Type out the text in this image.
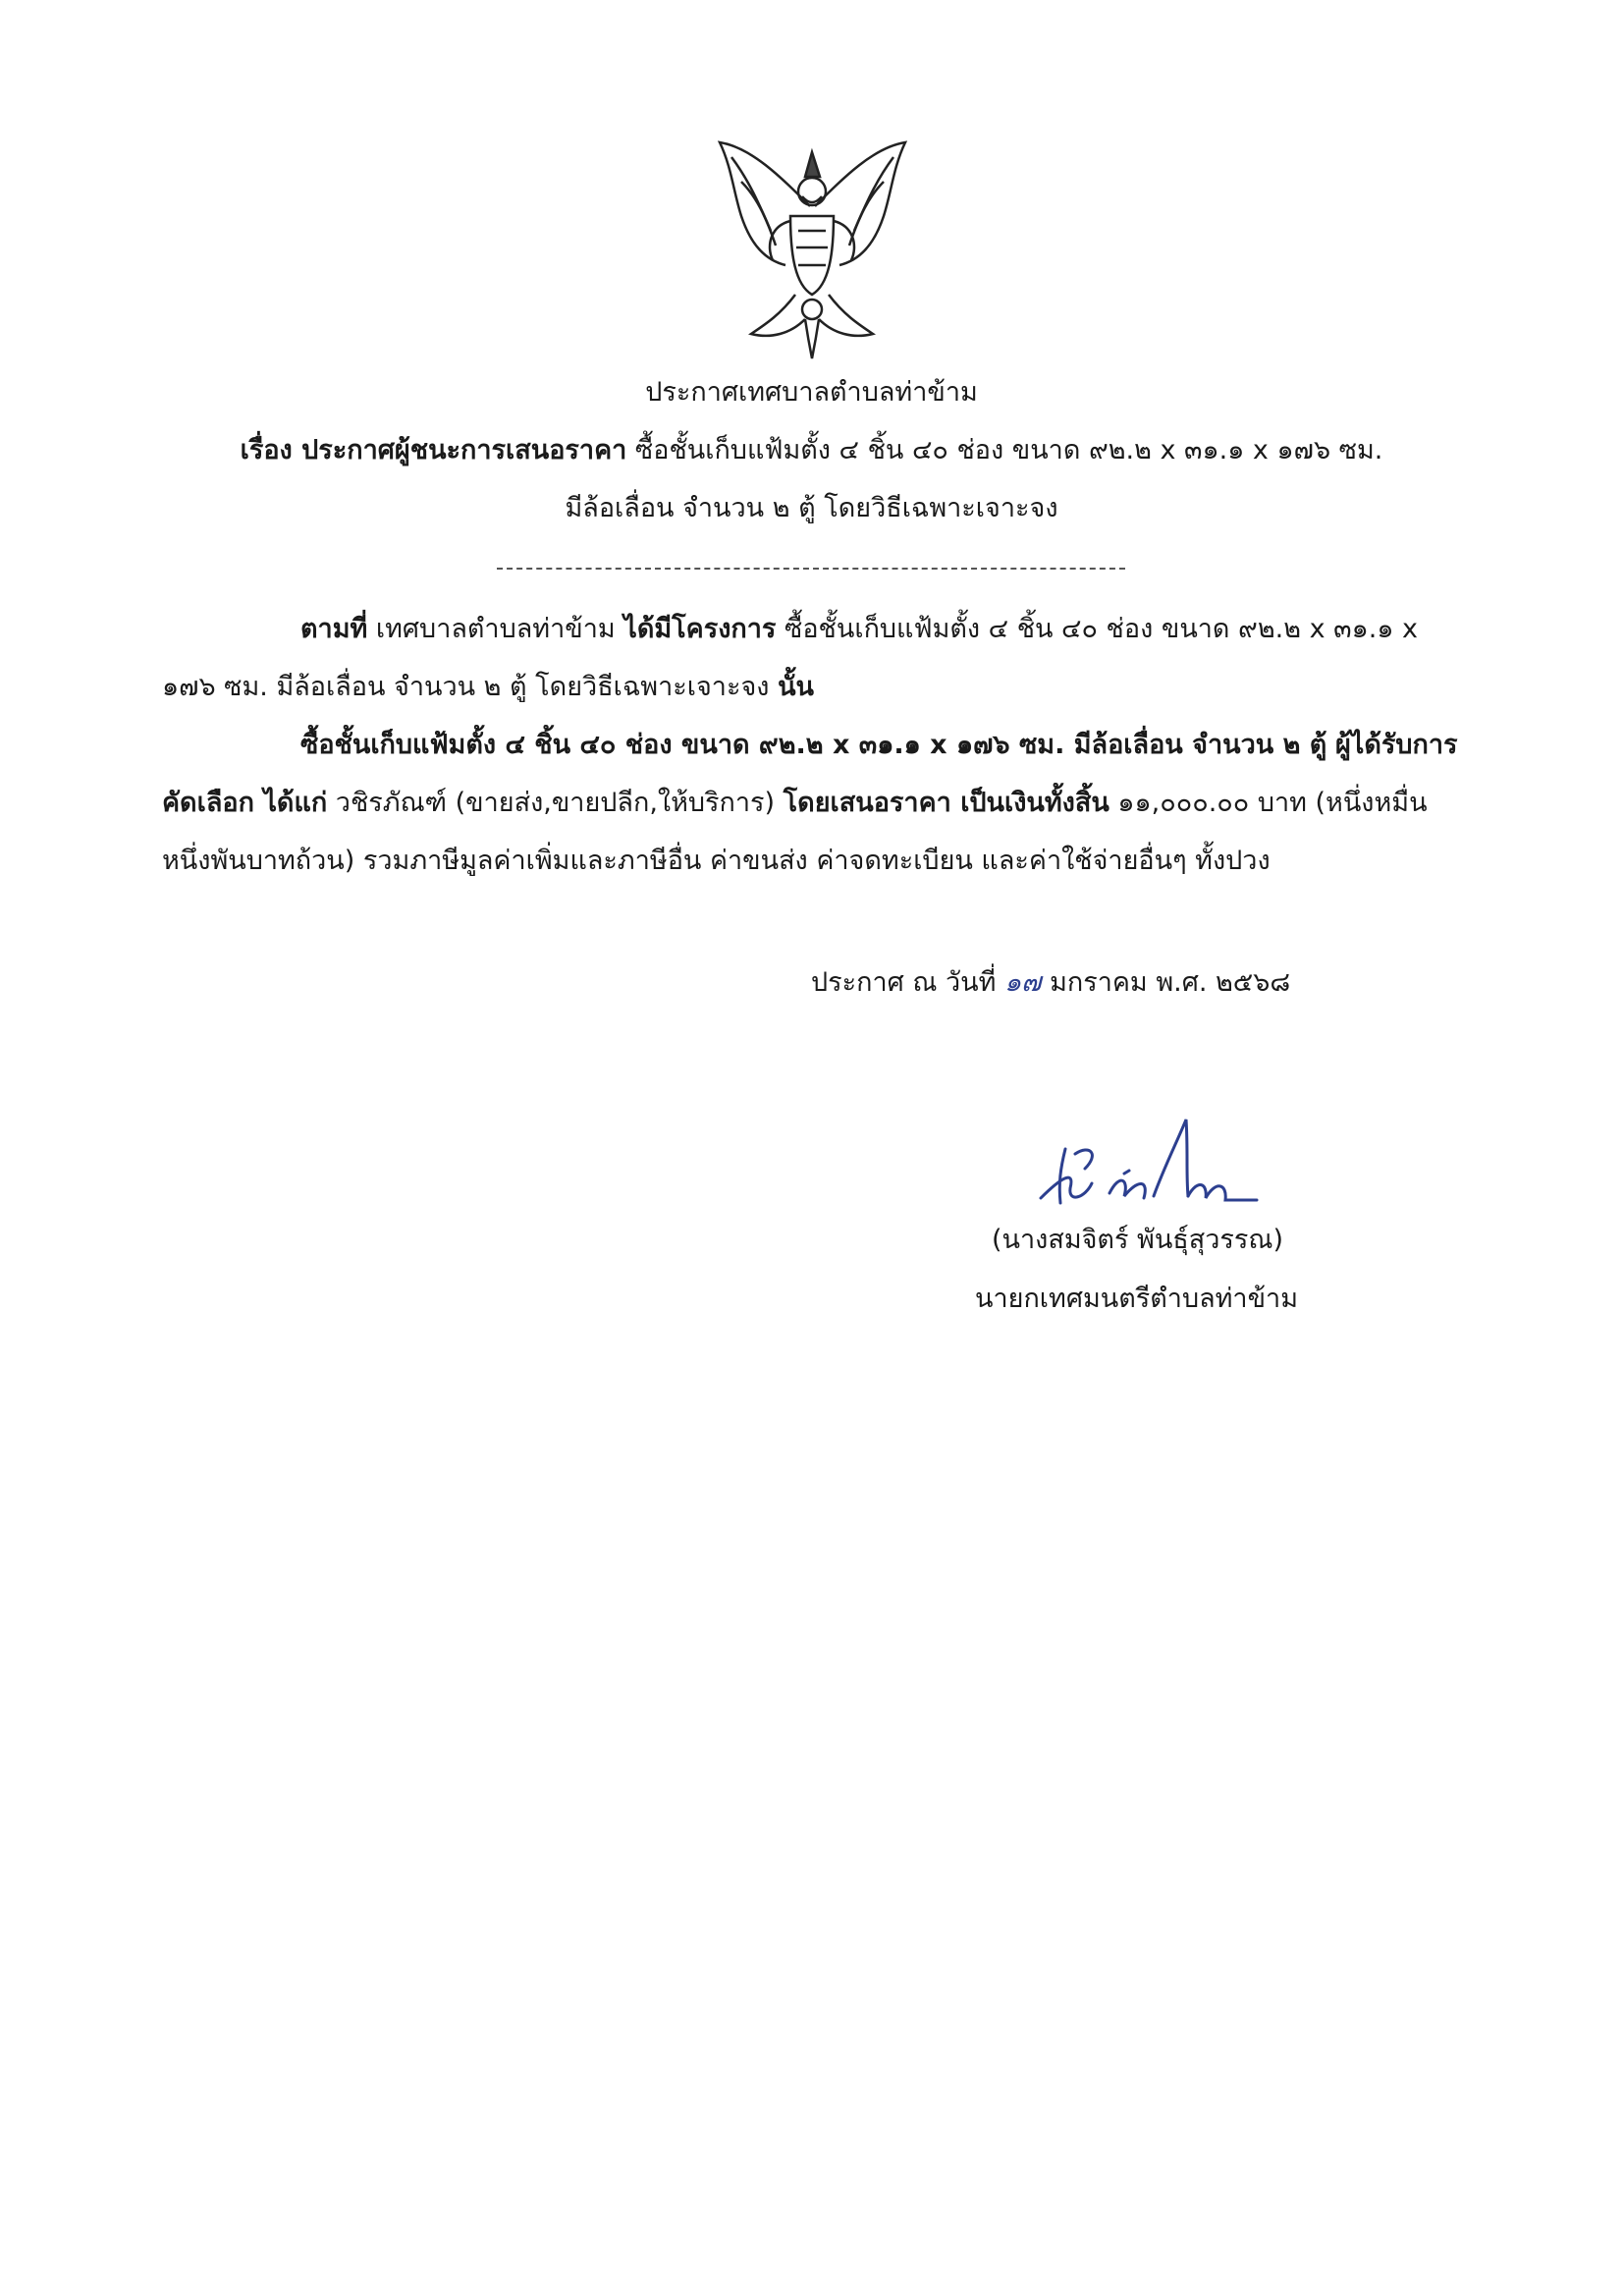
ประกาศเทศบาลตำบลท่าข้าม
เรื่อง ประกาศผู้ชนะการเสนอราคา ซื้อชั้นเก็บแฟ้มตั้ง ๔ ชิ้น ๔๐ ช่อง ขนาด ๙๒.๒ x ๓๑.๑ x ๑๗๖ ซม.
มีล้อเลื่อน จำนวน ๒ ตู้ โดยวิธีเฉพาะเจาะจง
ตามที่ เทศบาลตำบลท่าข้าม ได้มีโครงการ ซื้อชั้นเก็บแฟ้มตั้ง ๔ ชิ้น ๔๐ ช่อง ขนาด ๙๒.๒ x ๓๑.๑ x
๑๗๖ ซม. มีล้อเลื่อน จำนวน ๒ ตู้ โดยวิธีเฉพาะเจาะจง นั้น
ซื้อชั้นเก็บแฟ้มตั้ง ๔ ชิ้น ๔๐ ช่อง ขนาด ๙๒.๒ x ๓๑.๑ x ๑๗๖ ซม. มีล้อเลื่อน จำนวน ๒ ตู้ ผู้ได้รับการ
คัดเลือก ได้แก่ วชิรภัณฑ์ (ขายส่ง,ขายปลีก,ให้บริการ) โดยเสนอราคา เป็นเงินทั้งสิ้น ๑๑,๐๐๐.๐๐ บาท (หนึ่งหมื่น
หนึ่งพันบาทถ้วน) รวมภาษีมูลค่าเพิ่มและภาษีอื่น ค่าขนส่ง ค่าจดทะเบียน และค่าใช้จ่ายอื่นๆ ทั้งปวง
ประกาศ ณ วันที่ ๑๗ มกราคม พ.ศ. ๒๕๖๘
(นางสมจิตร์ พันธุ์สุวรรณ)
นายกเทศมนตรีตำบลท่าข้าม
